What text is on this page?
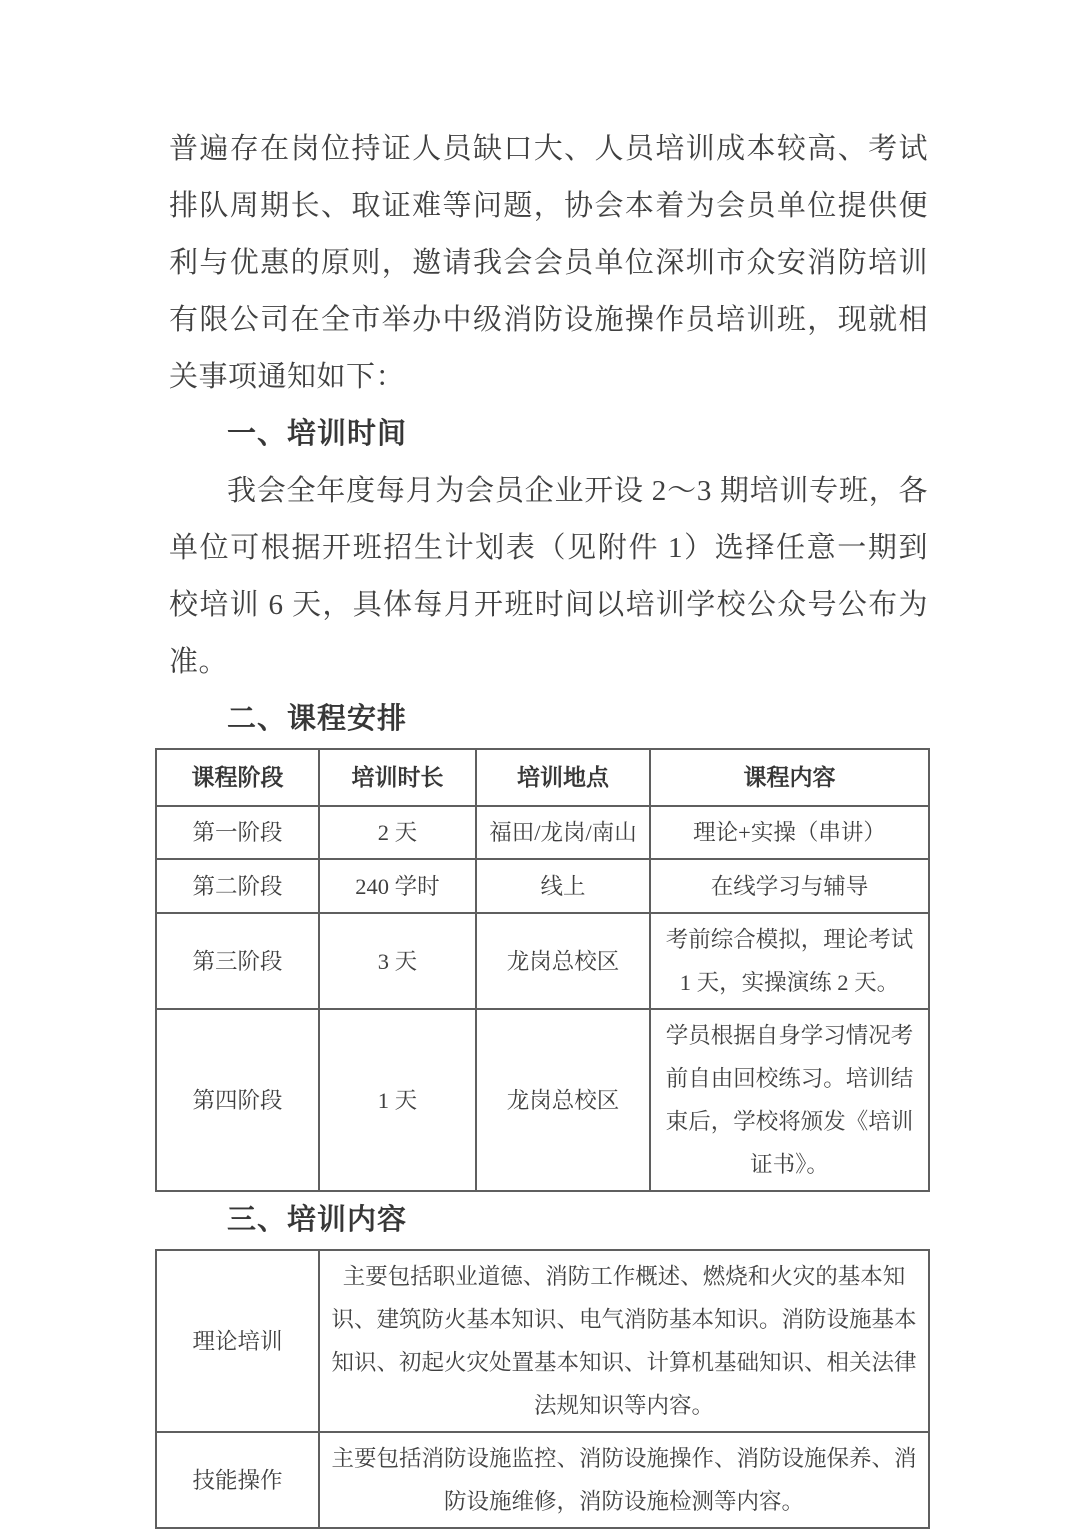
普遍存在岗位持证人员缺口大、人员培训成本较高、考试排队周期长、取证难等问题，协会本着为会员单位提供便利与优惠的原则，邀请我会会员单位深圳市众安消防培训有限公司在全市举办中级消防设施操作员培训班，现就相关事项通知如下：

一、培训时间

我会全年度每月为会员企业开设 2～3 期培训专班，各单位可根据开班招生计划表（见附件 1）选择任意一期到校培训 6 天，具体每月开班时间以培训学校公众号公布为准。

二、课程安排
课程阶段	培训时长	培训地点	课程内容
第一阶段	2 天	福田/龙岗/南山	理论+实操（串讲）
第二阶段	240 学时	线上	在线学习与辅导
第三阶段	3 天	龙岗总校区	考前综合模拟，理论考试 1 天，实操演练 2 天。
第四阶段	1 天	龙岗总校区	学员根据自身学习情况考前自由回校练习。培训结束后，学校将颁发《培训证书》。
三、培训内容
理论培训	主要包括职业道德、消防工作概述、燃烧和火灾的基本知识、建筑防火基本知识、电气消防基本知识。消防设施基本知识、初起火灾处置基本知识、计算机基础知识、相关法律法规知识等内容。
技能操作	主要包括消防设施监控、消防设施操作、消防设施保养、消防设施维修，消防设施检测等内容。
